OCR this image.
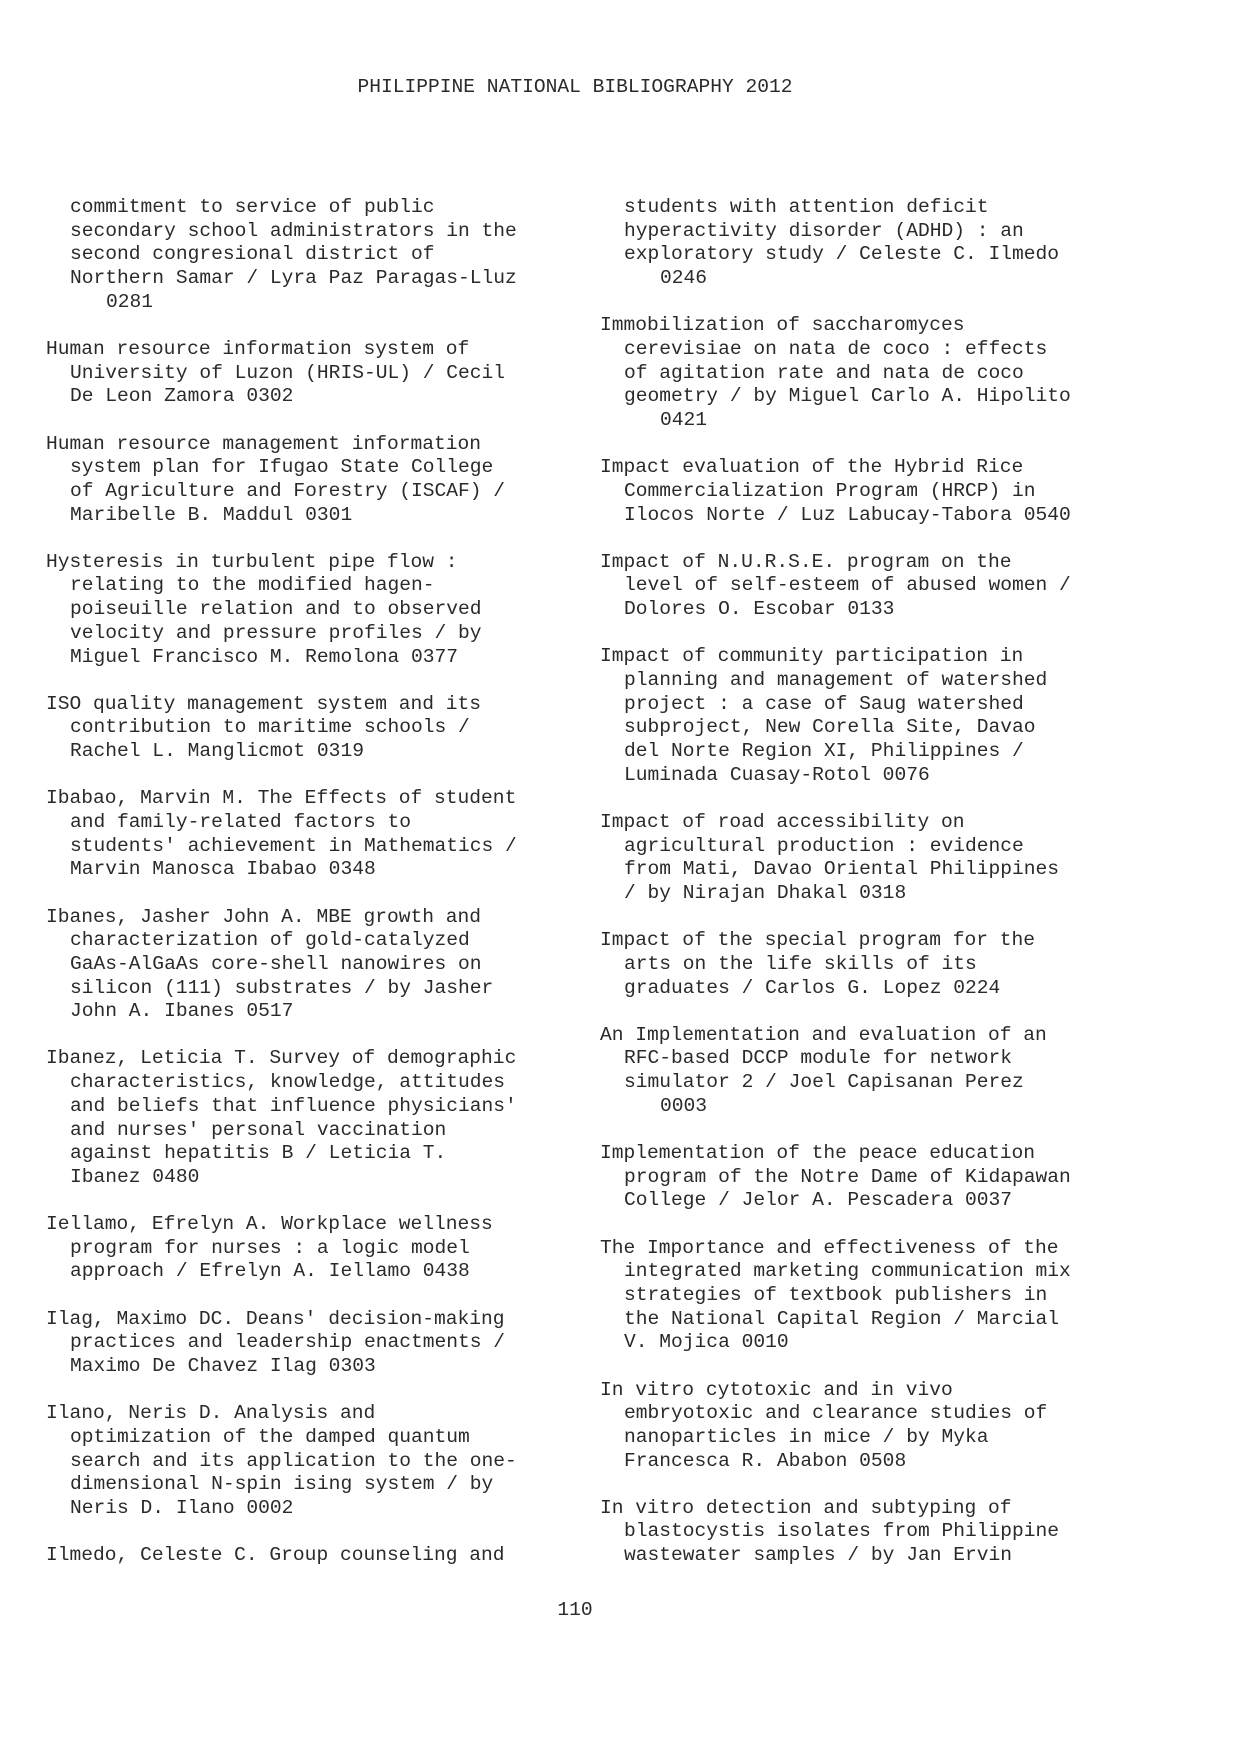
PHILIPPINE NATIONAL BIBLIOGRAPHY 2012
commitment to service of public
secondary school administrators in the
second congresional district of
Northern Samar / Lyra Paz Paragas-Lluz
0281
Human resource information system of
University of Luzon (HRIS-UL) / Cecil
De Leon Zamora 0302
Human resource management information
system plan for Ifugao State College
of Agriculture and Forestry (ISCAF) /
Maribelle B. Maddul 0301
Hysteresis in turbulent pipe flow :
relating to the modified hagen-
poiseuille relation and to observed
velocity and pressure profiles / by
Miguel Francisco M. Remolona 0377
ISO quality management system and its
contribution to maritime schools /
Rachel L. Manglicmot 0319
Ibabao, Marvin M. The Effects of student
and family-related factors to
students' achievement in Mathematics /
Marvin Manosca Ibabao 0348
Ibanes, Jasher John A. MBE growth and
characterization of gold-catalyzed
GaAs-AlGaAs core-shell nanowires on
silicon (111) substrates / by Jasher
John A. Ibanes 0517
Ibanez, Leticia T. Survey of demographic
characteristics, knowledge, attitudes
and beliefs that influence physicians'
and nurses' personal vaccination
against hepatitis B / Leticia T.
Ibanez 0480
Iellamo, Efrelyn A. Workplace wellness
program for nurses : a logic model
approach / Efrelyn A. Iellamo 0438
Ilag, Maximo DC. Deans' decision-making
practices and leadership enactments /
Maximo De Chavez Ilag 0303
Ilano, Neris D. Analysis and
optimization of the damped quantum
search and its application to the one-
dimensional N-spin ising system / by
Neris D. Ilano 0002
Ilmedo, Celeste C. Group counseling and
students with attention deficit
hyperactivity disorder (ADHD) : an
exploratory study / Celeste C. Ilmedo
0246
Immobilization of saccharomyces
cerevisiae on nata de coco : effects
of agitation rate and nata de coco
geometry / by Miguel Carlo A. Hipolito
0421
Impact evaluation of the Hybrid Rice
Commercialization Program (HRCP) in
Ilocos Norte / Luz Labucay-Tabora 0540
Impact of N.U.R.S.E. program on the
level of self-esteem of abused women /
Dolores O. Escobar 0133
Impact of community participation in
planning and management of watershed
project : a case of Saug watershed
subproject, New Corella Site, Davao
del Norte Region XI, Philippines /
Luminada Cuasay-Rotol 0076
Impact of road accessibility on
agricultural production : evidence
from Mati, Davao Oriental Philippines
/ by Nirajan Dhakal 0318
Impact of the special program for the
arts on the life skills of its
graduates / Carlos G. Lopez 0224
An Implementation and evaluation of an
RFC-based DCCP module for network
simulator 2 / Joel Capisanan Perez
0003
Implementation of the peace education
program of the Notre Dame of Kidapawan
College / Jelor A. Pescadera 0037
The Importance and effectiveness of the
integrated marketing communication mix
strategies of textbook publishers in
the National Capital Region / Marcial
V. Mojica 0010
In vitro cytotoxic and in vivo
embryotoxic and clearance studies of
nanoparticles in mice / by Myka
Francesca R. Ababon 0508
In vitro detection and subtyping of
blastocystis isolates from Philippine
wastewater samples / by Jan Ervin
110
